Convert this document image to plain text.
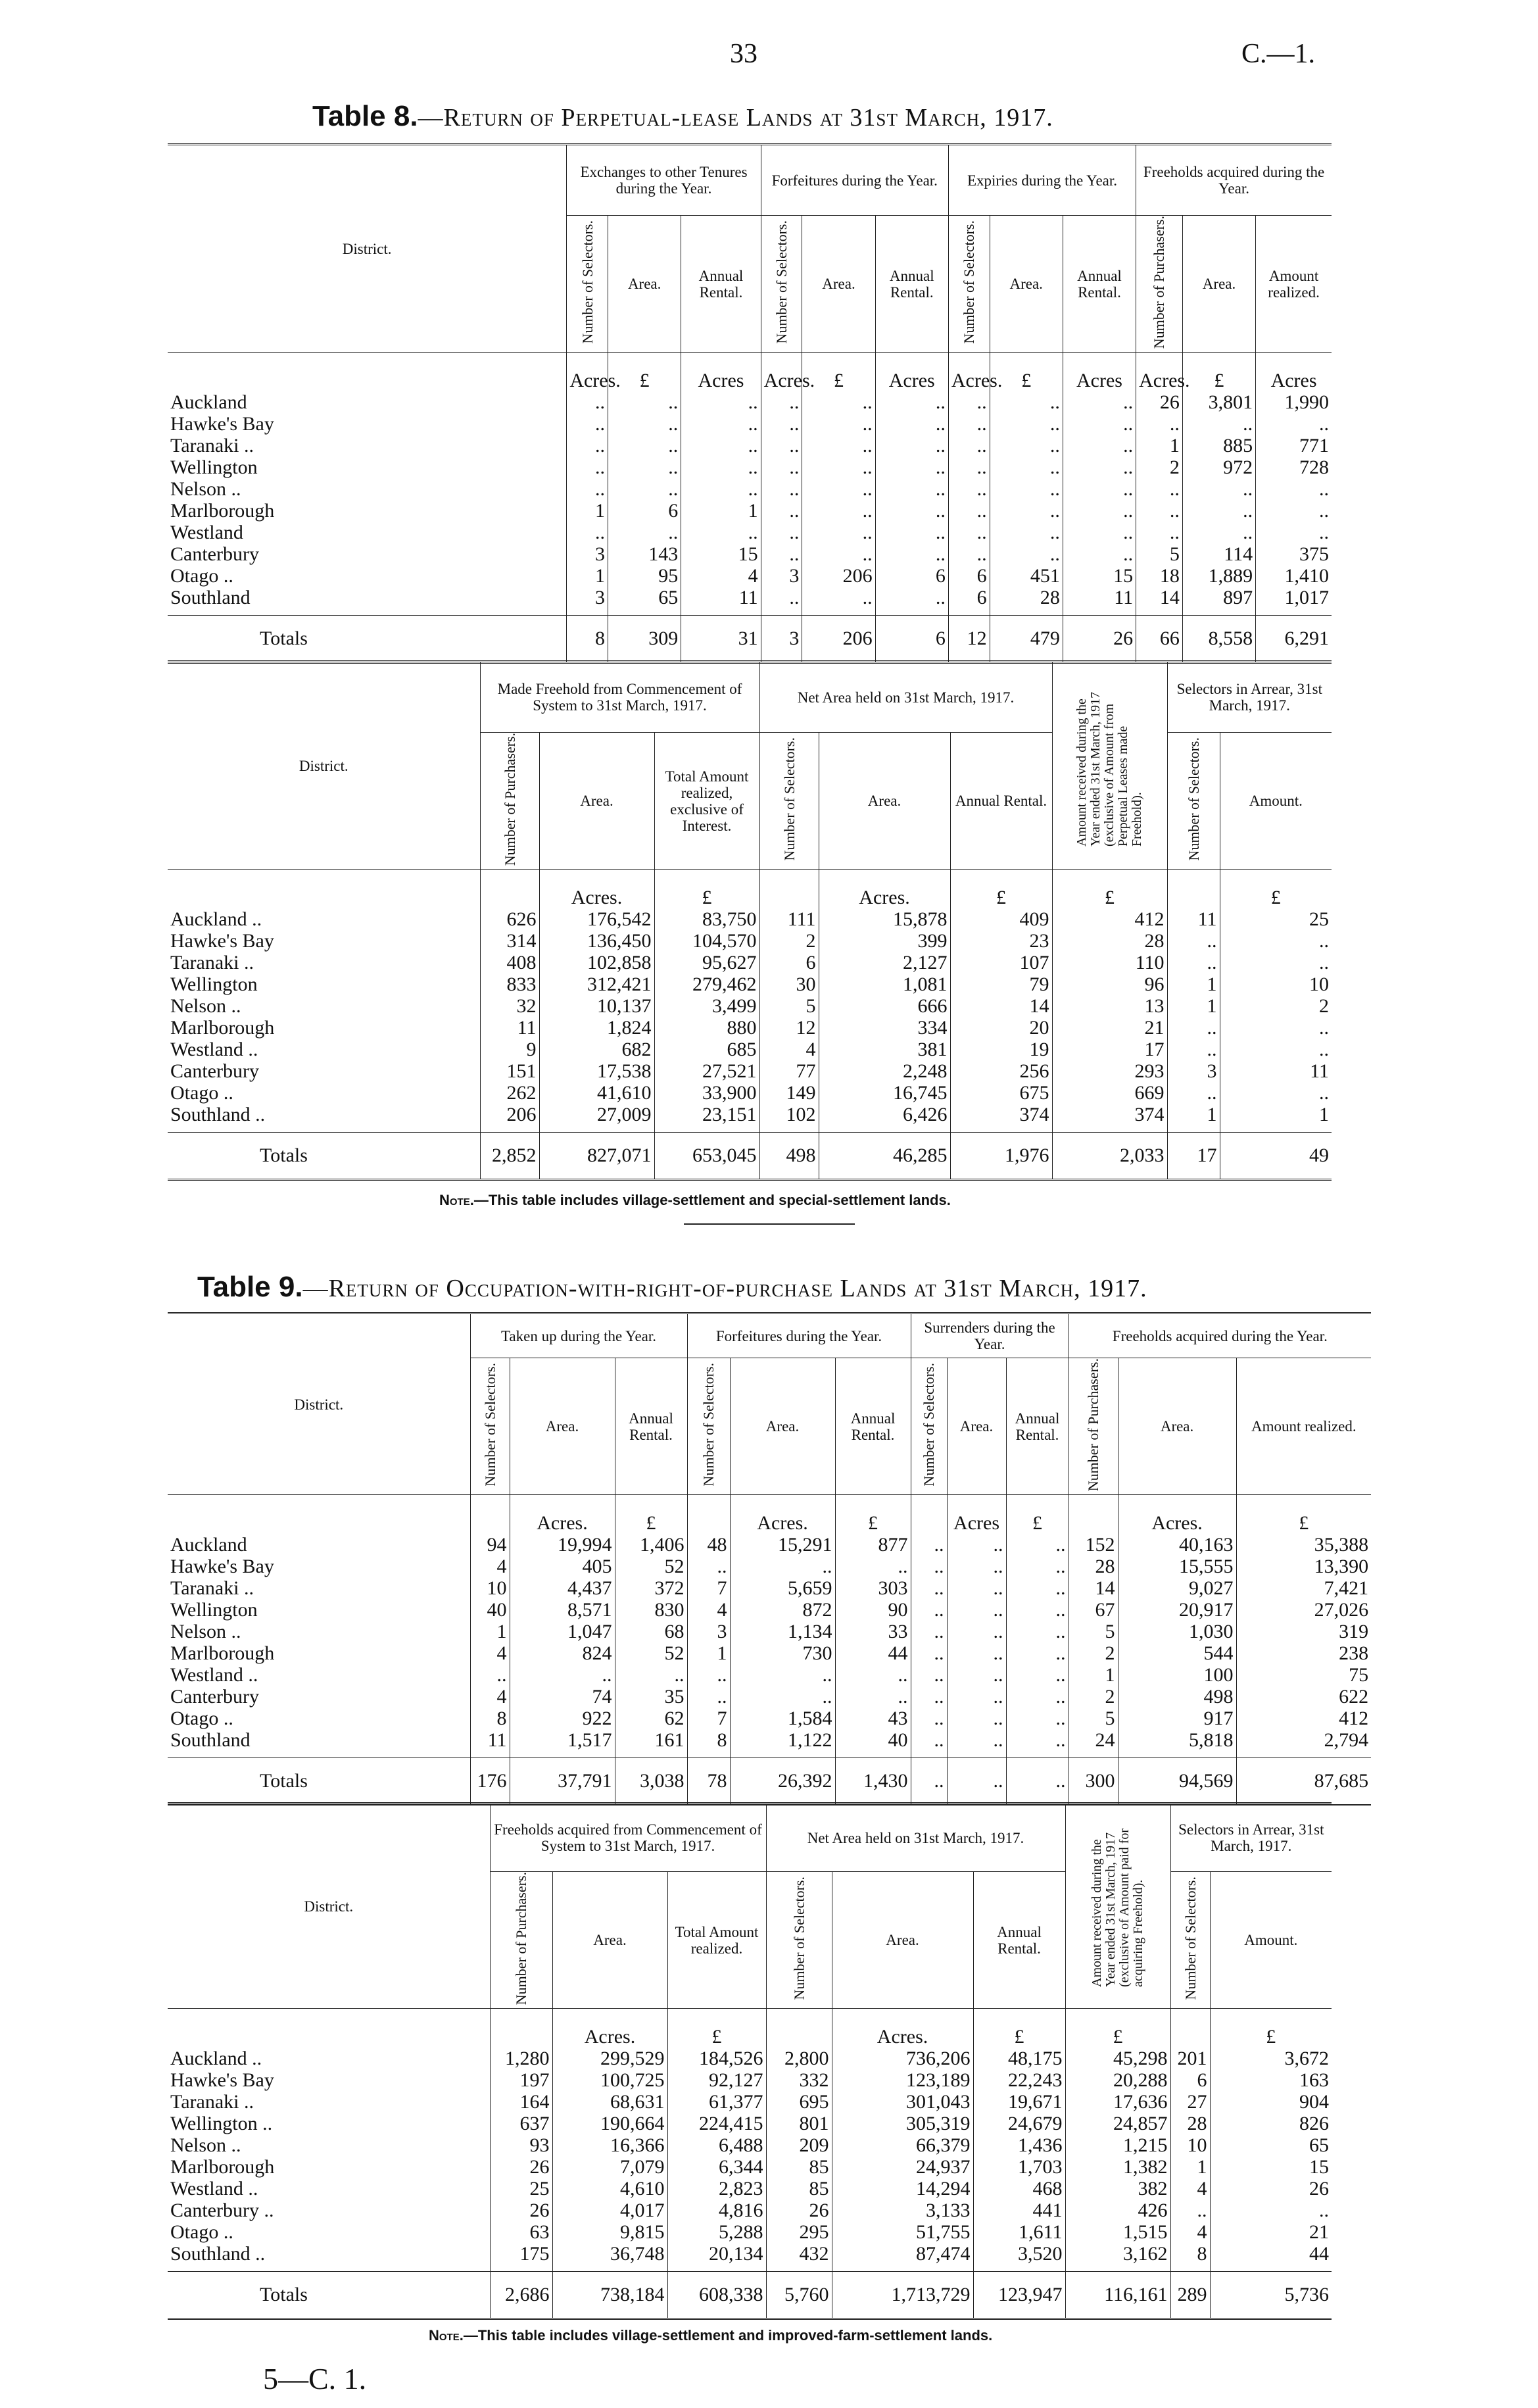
33	C.—1.
Table 8.—Return of Perpetual-lease Lands at 31st March, 1917.
District.	Exchanges to other Tenures during the Year.			Forfeitures during the Year.			Expiries during the Year.			Freeholds acquired during the Year.		
	Number of Selectors.	Area.	Annual Rental.	Number of Selectors.	Area.	Annual Rental.	Number of Selectors.	Area.	Annual Rental.	Number of Purchasers.	Area.	Amount realized.
	Acres.	£	Acres	Acres.	£	Acres	Acres.	£	Acres	Acres.	£	Acres
Auckland	..	..	..	..	..	..	..	..	..	26	3,801	1,990
Hawke's Bay	..	..	..	..	..	..	..	..	..	..	..	..
Taranaki ..	..	..	..	..	..	..	..	..	..	1	885	771
Wellington	..	..	..	..	..	..	..	..	..	2	972	728
Nelson ..	..	..	..	..	..	..	..	..	..	..	..	..
Marlborough	1	6	1	..	..	..	..	..	..	..	..	..
Westland	..	..	..	..	..	..	..	..	..	..	..	..
Canterbury	3	143	15	..	..	..	..	..	..	5	114	375
Otago ..	1	95	4	3	206	6	6	451	15	18	1,889	1,410
Southland	3	65	11	..	..	..	6	28	11	14	897	1,017
Totals	8	309	31	3	206	6	12	479	26	66	8,558	6,291
District.	Made Freehold from Commencement of System to 31st March, 1917.			Net Area held on 31st March, 1917.			Amount received during the Year ended 31st March, 1917 (exclusive of Amount from Perpetual Leases made Freehold).	Selectors in Arrear, 31st March, 1917.	
	Number of Purchasers.	Area.	Total Amount realized, exclusive of Interest.	Number of Selectors.	Area.	Annual Rental.		Number of Selectors.	Amount.
		Acres.	£		Acres.	£	£		£
Auckland ..	626	176,542	83,750	111	15,878	409	412	11	25
Hawke's Bay	314	136,450	104,570	2	399	23	28	..	..
Taranaki ..	408	102,858	95,627	6	2,127	107	110	..	..
Wellington	833	312,421	279,462	30	1,081	79	96	1	10
Nelson ..	32	10,137	3,499	5	666	14	13	1	2
Marlborough	11	1,824	880	12	334	20	21	..	..
Westland ..	9	682	685	4	381	19	17	..	..
Canterbury	151	17,538	27,521	77	2,248	256	293	3	11
Otago ..	262	41,610	33,900	149	16,745	675	669	..	..
Southland ..	206	27,009	23,151	102	6,426	374	374	1	1
Totals	2,852	827,071	653,045	498	46,285	1,976	2,033	17	49
Note.—This table includes village-settlement and special-settlement lands.
Table 9.—Return of Occupation-with-right-of-purchase Lands at 31st March, 1917.
District.	Taken up during the Year.			Forfeitures during the Year.			Surrenders during the Year.			Freeholds acquired during the Year.		
	Number of Selectors.	Area.	Annual Rental.	Number of Selectors.	Area.	Annual Rental.	Number of Selectors.	Area.	Annual Rental.	Number of Purchasers.	Area.	Amount realized.
		Acres.	£		Acres.	£		Acres	£		Acres.	£
Auckland	94	19,994	1,406	48	15,291	877	..	..	..	152	40,163	35,388
Hawke's Bay	4	405	52	..	..	..	..	..	..	28	15,555	13,390
Taranaki ..	10	4,437	372	7	5,659	303	..	..	..	14	9,027	7,421
Wellington	40	8,571	830	4	872	90	..	..	..	67	20,917	27,026
Nelson ..	1	1,047	68	3	1,134	33	..	..	..	5	1,030	319
Marlborough	4	824	52	1	730	44	..	..	..	2	544	238
Westland ..	..	..	..	..	..	..	..	..	..	1	100	75
Canterbury	4	74	35	..	..	..	..	..	..	2	498	622
Otago ..	8	922	62	7	1,584	43	..	..	..	5	917	412
Southland	11	1,517	161	8	1,122	40	..	..	..	24	5,818	2,794
Totals	176	37,791	3,038	78	26,392	1,430	..	..	..	300	94,569	87,685
District.	Freeholds acquired from Commencement of System to 31st March, 1917.			Net Area held on 31st March, 1917.			Amount received during the Year ended 31st March, 1917 (exclusive of Amount paid for acquiring Freehold).	Selectors in Arrear, 31st March, 1917.	
	Number of Purchasers.	Area.	Total Amount realized.	Number of Selectors.	Area.	Annual Rental.		Number of Selectors.	Amount.
		Acres.	£		Acres.	£	£		£
Auckland ..	1,280	299,529	184,526	2,800	736,206	48,175	45,298	201	3,672
Hawke's Bay	197	100,725	92,127	332	123,189	22,243	20,288	6	163
Taranaki ..	164	68,631	61,377	695	301,043	19,671	17,636	27	904
Wellington ..	637	190,664	224,415	801	305,319	24,679	24,857	28	826
Nelson ..	93	16,366	6,488	209	66,379	1,436	1,215	10	65
Marlborough	26	7,079	6,344	85	24,937	1,703	1,382	1	15
Westland ..	25	4,610	2,823	85	14,294	468	382	4	26
Canterbury ..	26	4,017	4,816	26	3,133	441	426	..	..
Otago ..	63	9,815	5,288	295	51,755	1,611	1,515	4	21
Southland ..	175	36,748	20,134	432	87,474	3,520	3,162	8	44
Totals	2,686	738,184	608,338	5,760	1,713,729	123,947	116,161	289	5,736
Note.—This table includes village-settlement and improved-farm-settlement lands.
5—C. 1.
